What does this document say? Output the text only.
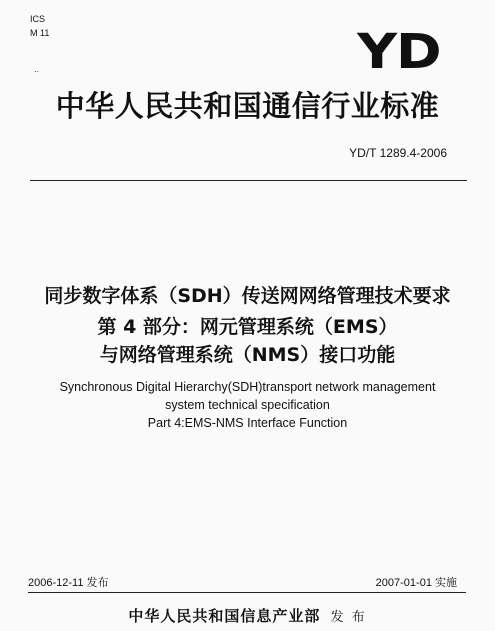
ICS
M 11
..	YD
中华人民共和国通信行业标准
YD/T 1289.4-2006
同步数字体系（SDH）传送网网络管理技术要求
第 4 部分：网元管理系统（EMS）
与网络管理系统（NMS）接口功能
Synchronous Digital Hierarchy(SDH)transport network management
system technical specification
Part 4:EMS-NMS Interface Function
2006-12-11 发布	2007-01-01 实施
中华人民共和国信息产业部 发 布
